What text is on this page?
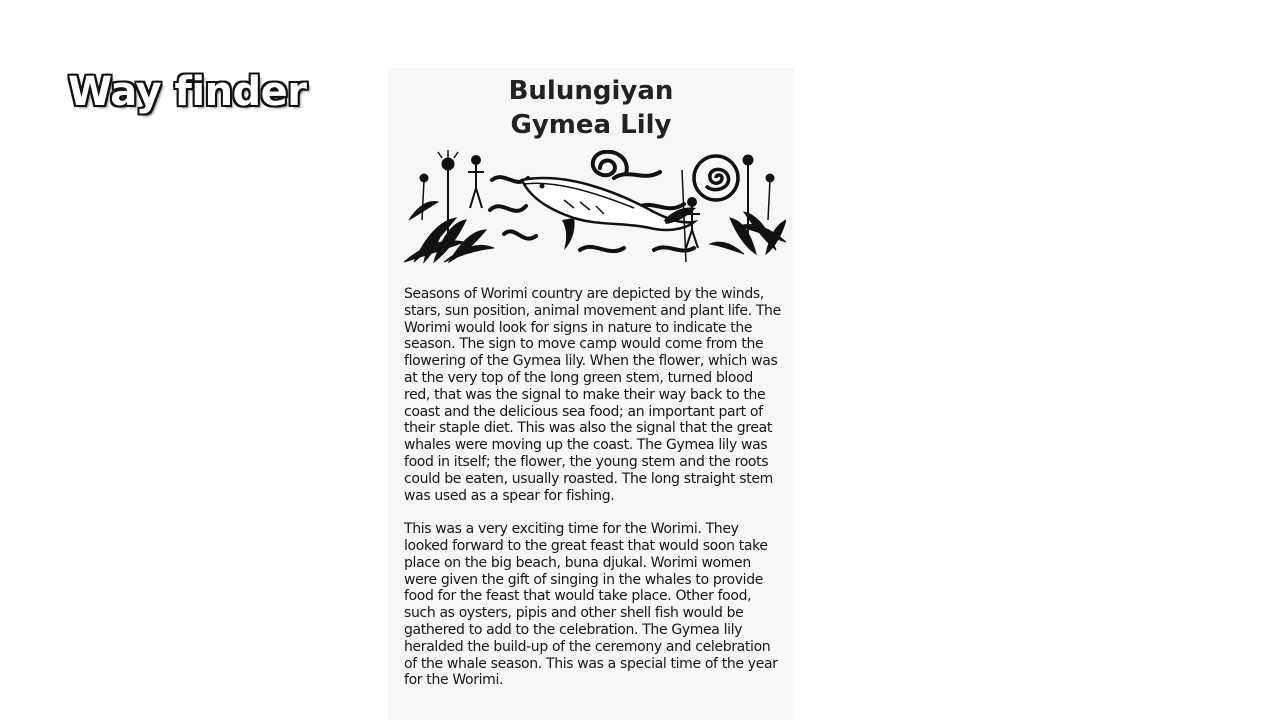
Way finder	Bulungiyan
Gymea Lily

Seasons of Worimi country are depicted by the winds, stars, sun position, animal movement and plant life. The Worimi would look for signs in nature to indicate the season. The sign to move camp would come from the flowering of the Gymea lily. When the flower, which was at the very top of the long green stem, turned blood red, that was the signal to make their way back to the coast and the delicious sea food; an important part of their staple diet. This was also the signal that the great whales were moving up the coast. The Gymea lily was food in itself; the flower, the young stem and the roots could be eaten, usually roasted. The long straight stem was used as a spear for fishing.

This was a very exciting time for the Worimi. They looked forward to the great feast that would soon take place on the big beach, buna djukal. Worimi women were given the gift of singing in the whales to provide food for the feast that would take place. Other food, such as oysters, pipis and other shell fish would be gathered to add to the celebration. The Gymea lily heralded the build-up of the ceremony and celebration of the whale season. This was a special time of the year for the Worimi.
